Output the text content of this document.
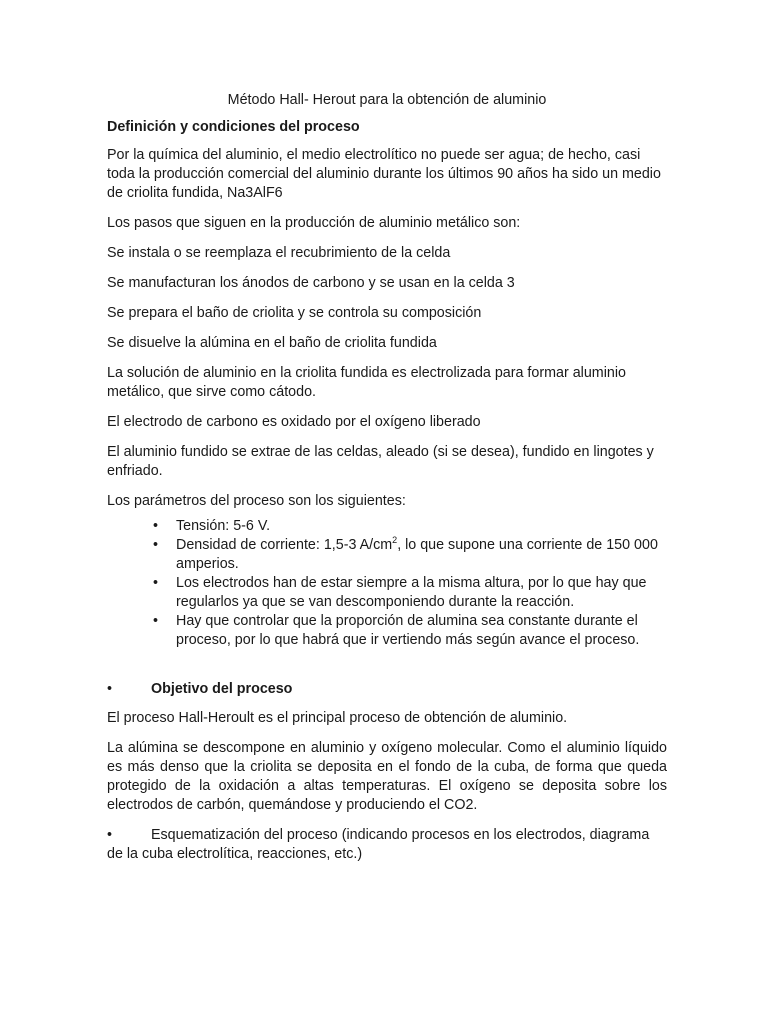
Método Hall- Herout para la obtención de aluminio
Definición y condiciones del proceso

Por la química del aluminio, el medio electrolítico no puede ser agua; de hecho, casi toda la producción comercial del aluminio durante los últimos 90 años ha sido un medio de criolita fundida, Na3AlF6

Los pasos que siguen en la producción de aluminio metálico son:

Se instala o se reemplaza el recubrimiento de la celda

Se manufacturan los ánodos de carbono y se usan en la celda 3

Se prepara el baño de criolita y se controla su composición

Se disuelve la alúmina en el baño de criolita fundida

La solución de aluminio en la criolita fundida es electrolizada para formar aluminio metálico, que sirve como cátodo.

El electrodo de carbono es oxidado por el oxígeno liberado

El aluminio fundido se extrae de las celdas, aleado (si se desea), fundido en lingotes y enfriado.

Los parámetros del proceso son los siguientes:

• Tensión: 5-6 V.
• Densidad de corriente: 1,5-3 $A/cm^2$, lo que supone una corriente de 150 000 amperios.
• Los electrodos han de estar siempre a la misma altura, por lo que hay que regularlos ya que se van descomponiendo durante la reacción.
• Hay que controlar que la proporción de alumina sea constante durante el proceso, por lo que habrá que ir vertiendo más según avance el proceso.
•	Objetivo del proceso

El proceso Hall-Heroult es el principal proceso de obtención de aluminio.

La alúmina se descompone en aluminio y oxígeno molecular. Como el aluminio líquido es más denso que la criolita se deposita en el fondo de la cuba, de forma que queda protegido de la oxidación a altas temperaturas. El oxígeno se deposita sobre los electrodos de carbón, quemándose y produciendo el CO2.

•	Esquematización del proceso (indicando procesos en los electrodos, diagrama de la cuba electrolítica, reacciones, etc.)
